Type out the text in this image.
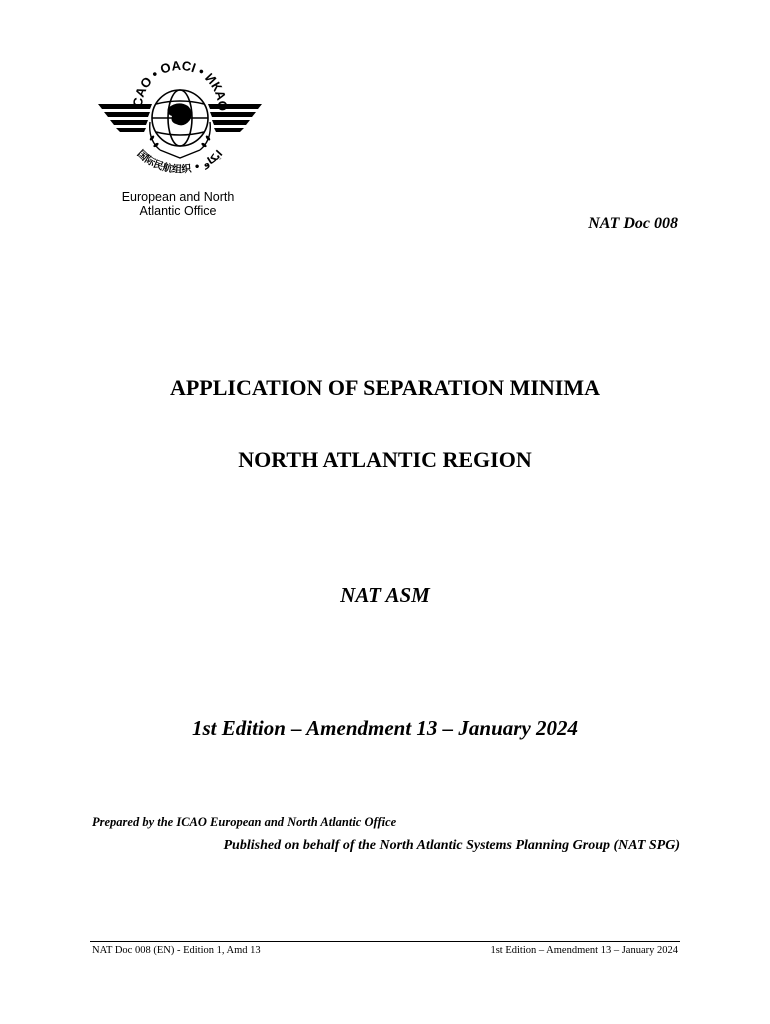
CAO • OACI • ИКАО
国际民航组织 • ايكاو
European and North
Atlantic Office
NAT Doc 008
APPLICATION OF SEPARATION MINIMA
NORTH ATLANTIC REGION
NAT ASM
1st Edition – Amendment 13 – January 2024
Prepared by the ICAO European and North Atlantic Office
Published on behalf of the North Atlantic Systems Planning Group (NAT SPG)
NAT Doc 008 (EN) - Edition 1, Amd 13	1st Edition – Amendment 13 – January 2024
